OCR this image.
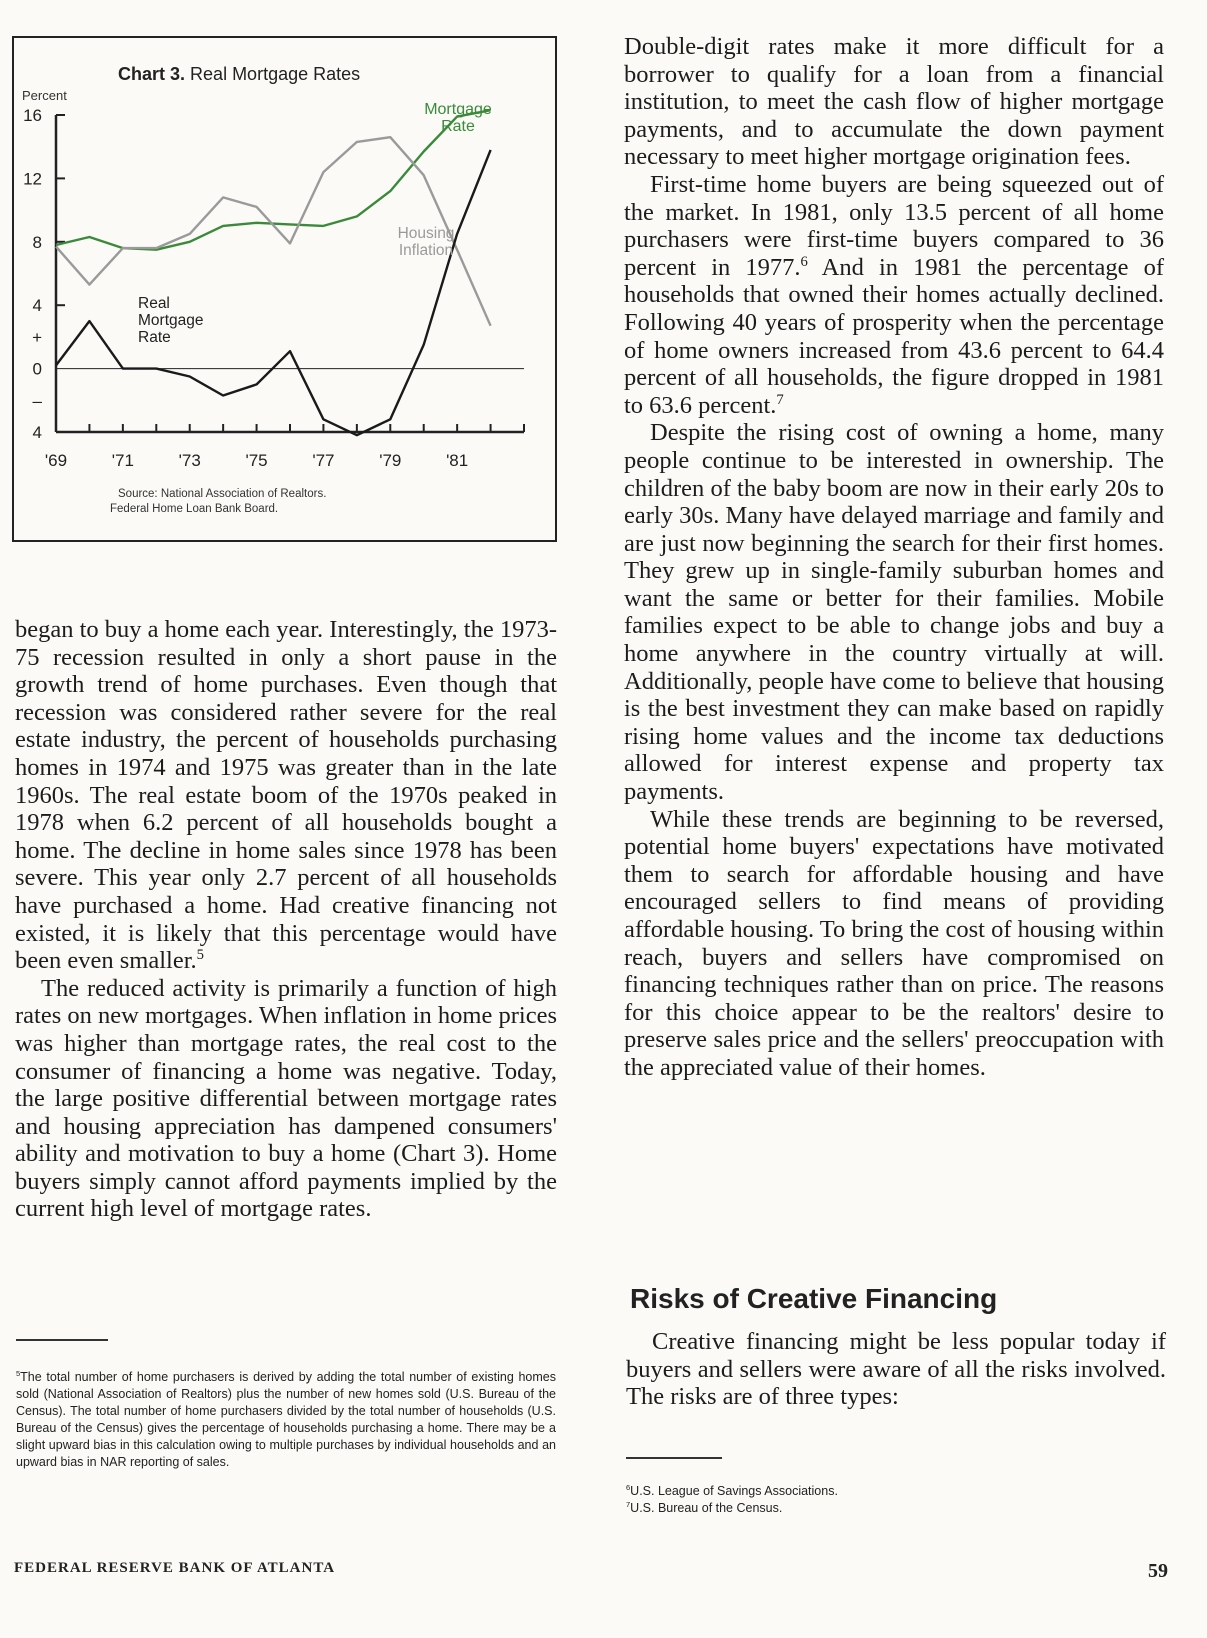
Chart 3. Real Mortgage Rates
Percent
Source: National Association of Realtors.
Federal Home Loan Bank Board.
16
12
8
4
+
0
–
4
'69	'71	'73	'75	'77	'79	'81
Mortgage
Rate
Housing
Inflation
Real
Mortgage
Rate

began to buy a home each year. Interestingly, the 1973-75 recession resulted in only a short pause in the growth trend of home purchases. Even though that recession was considered rather severe for the real estate industry, the percent of households purchasing homes in 1974 and 1975 was greater than in the late 1960s. The real estate boom of the 1970s peaked in 1978 when 6.2 percent of all households bought a home. The decline in home sales since 1978 has been severe. This year only 2.7 percent of all households have purchased a home. Had creative financing not existed, it is likely that this percentage would have been even smaller.$^5$

The reduced activity is primarily a function of high rates on new mortgages. When inflation in home prices was higher than mortgage rates, the real cost to the consumer of financing a home was negative. Today, the large positive differential between mortgage rates and housing appreciation has dampened consumers' ability and motivation to buy a home (Chart 3). Home buyers simply cannot afford payments implied by the current high level of mortgage rates.

$^5$The total number of home purchasers is derived by adding the total number of existing homes sold (National Association of Realtors) plus the number of new homes sold (U.S. Bureau of the Census). The total number of home purchasers divided by the total number of households (U.S. Bureau of the Census) gives the percentage of households purchasing a home. There may be a slight upward bias in this calculation owing to multiple purchases by individual households and an upward bias in NAR reporting of sales.

Double-digit rates make it more difficult for a borrower to qualify for a loan from a financial institution, to meet the cash flow of higher mortgage payments, and to accumulate the down payment necessary to meet higher mortgage origination fees.

First-time home buyers are being squeezed out of the market. In 1981, only 13.5 percent of all home purchasers were first-time buyers compared to 36 percent in 1977.$^6$ And in 1981 the percentage of households that owned their homes actually declined. Following 40 years of prosperity when the percentage of home owners increased from 43.6 percent to 64.4 percent of all households, the figure dropped in 1981 to 63.6 percent.$^7$

Despite the rising cost of owning a home, many people continue to be interested in ownership. The children of the baby boom are now in their early 20s to early 30s. Many have delayed marriage and family and are just now beginning the search for their first homes. They grew up in single-family suburban homes and want the same or better for their families. Mobile families expect to be able to change jobs and buy a home anywhere in the country virtually at will. Additionally, people have come to believe that housing is the best investment they can make based on rapidly rising home values and the income tax deductions allowed for interest expense and property tax payments.

While these trends are beginning to be reversed, potential home buyers' expectations have motivated them to search for affordable housing and have encouraged sellers to find means of providing affordable housing. To bring the cost of housing within reach, buyers and sellers have compromised on financing techniques rather than on price. The reasons for this choice appear to be the realtors' desire to preserve sales price and the sellers' preoccupation with the appreciated value of their homes.

Risks of Creative Financing
Creative financing might be less popular today if buyers and sellers were aware of all the risks involved. The risks are of three types:
$^6$U.S. League of Savings Associations.
$^7$U.S. Bureau of the Census.
FEDERAL RESERVE BANK OF ATLANTA	59
